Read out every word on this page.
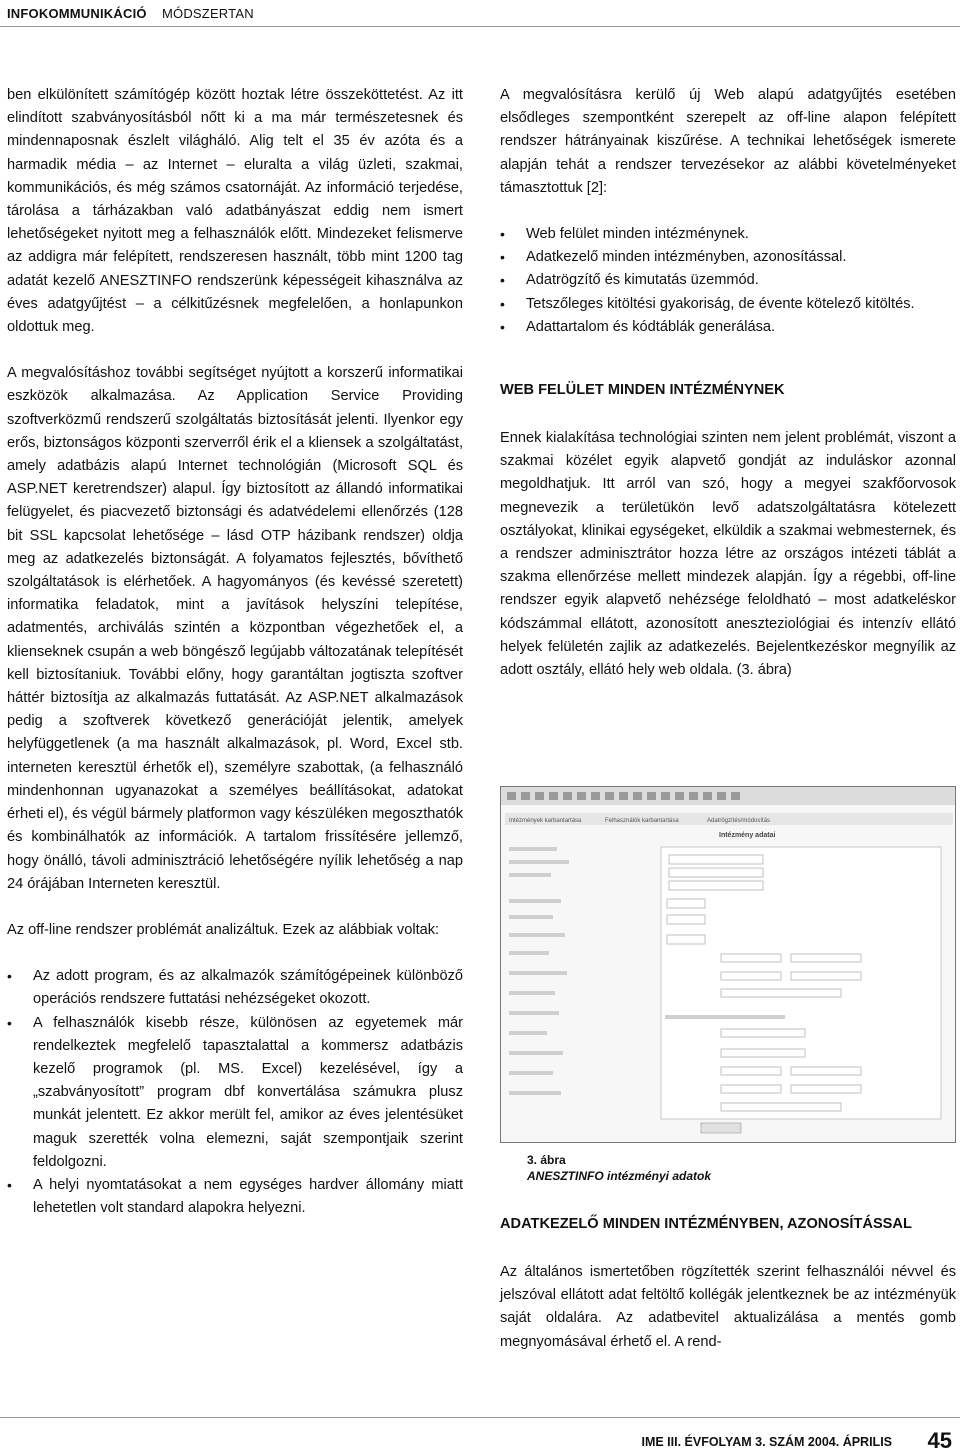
INFOKOMMUNIKÁCIÓ MÓDSZERTAN

ben elkülönített számítógép között hoztak létre összeköttetést. Az itt elindított szabványosításból nőtt ki a ma már természetesnek és mindennaposnak észlelt világháló. Alig telt el 35 év azóta és a harmadik média – az Internet – eluralta a világ üzleti, szakmai, kommunikációs, és még számos csatornáját. Az információ terjedése, tárolása a tárházakban való adatbányászat eddig nem ismert lehetőségeket nyitott meg a felhasználók előtt. Mindezeket felismerve az addigra már felépített, rendszeresen használt, több mint 1200 tag adatát kezelő ANESZTINFO rendszerünk képességeit kihasználva az éves adatgyűjtést – a célkitűzésnek megfelelően, a honlapunkon oldottuk meg.

A megvalósításhoz további segítséget nyújtott a korszerű informatikai eszközök alkalmazása. Az Application Service Providing szoftverközmű rendszerű szolgáltatás biztosítását jelenti. Ilyenkor egy erős, biztonságos központi szerverről érik el a kliensek a szolgáltatást, amely adatbázis alapú Internet technológián (Microsoft SQL és ASP.NET keretrendszer) alapul. Így biztosított az állandó informatikai felügyelet, és piacvezető biztonsági és adatvédelemi ellenőrzés (128 bit SSL kapcsolat lehetősége – lásd OTP házibank rendszer) oldja meg az adatkezelés biztonságát. A folyamatos fejlesztés, bővíthető szolgáltatások is elérhetőek. A hagyományos (és kevéssé szeretett) informatika feladatok, mint a javítások helyszíni telepítése, adatmentés, archiválás szintén a központban végezhetőek el, a klienseknek csupán a web böngésző legújabb változatának telepítését kell biztosítaniuk. További előny, hogy garantáltan jogtiszta szoftver háttér biztosítja az alkalmazás futtatását. Az ASP.NET alkalmazások pedig a szoftverek következő generációját jelentik, amelyek helyfüggetlenek (a ma használt alkalmazások, pl. Word, Excel stb. interneten keresztül érhetők el), személyre szabottak, (a felhasználó mindenhonnan ugyanazokat a személyes beállításokat, adatokat érheti el), és végül bármely platformon vagy készüléken megoszthatók és kombinálhatók az információk. A tartalom frissítésére jellemző, hogy önálló, távoli adminisztráció lehetőségére nyílik lehetőség a nap 24 órájában Interneten keresztül.

Az off-line rendszer problémát analizáltuk. Ezek az alábbiak voltak:

• Az adott program, és az alkalmazók számítógépeinek különböző operációs rendszere futtatási nehézségeket okozott.
• A felhasználók kisebb része, különösen az egyetemek már rendelkeztek megfelelő tapasztalattal a kommersz adatbázis kezelő programok (pl. MS. Excel) kezelésével, így a „szabványosított” program dbf konvertálása számukra plusz munkát jelentett. Ez akkor merült fel, amikor az éves jelentésüket maguk szerették volna elemezni, saját szempontjaik szerint feldolgozni.
• A helyi nyomtatásokat a nem egységes hardver állomány miatt lehetetlen volt standard alapokra helyezni.

A megvalósításra kerülő új Web alapú adatgyűjtés esetében elsődleges szempontként szerepelt az off-line alapon felépített rendszer hátrányainak kiszűrése. A technikai lehetőségek ismerete alapján tehát a rendszer tervezésekor az alábbi követelményeket támasztottuk [2]:

• Web felület minden intézménynek.
• Adatkezelő minden intézményben, azonosítással.
• Adatrögzítő és kimutatás üzemmód.
• Tetszőleges kitöltési gyakoriság, de évente kötelező kitöltés.
• Adattartalom és kódtáblák generálása.
WEB FELÜLET MINDEN INTÉZMÉNYNEK

Ennek kialakítása technológiai szinten nem jelent problémát, viszont a szakmai közélet egyik alapvető gondját az induláskor azonnal megoldhatjuk. Itt arról van szó, hogy a megyei szakfőorvosok megnevezik a területükön levő adatszolgáltatásra kötelezett osztályokat, klinikai egységeket, elküldik a szakmai webmesternek, és a rendszer adminisztrátor hozza létre az országos intézeti táblát a szakma ellenőrzése mellett mindezek alapján. Így a régebbi, off-line rendszer egyik alapvető nehézsége feloldható – most adatkeléskor kódszámmal ellátott, azonosított aneszteziológiai és intenzív ellátó helyek felületén zajlik az adatkezelés. Bejelentkezéskor megnyílik az adott osztály, ellátó hely web oldala. (3. ábra)

Intézmények karbantartása	Felhasználók karbantartása	Adatrögzítés/módosítás
Intézmény adatai
3. ábra
ANESZTINFO intézményi adatok
ADATKEZELŐ MINDEN INTÉZMÉNYBEN, AZONOSÍTÁSSAL

Az általános ismertetőben rögzítették szerint felhasználói névvel és jelszóval ellátott adat feltöltő kollégák jelentkeznek be az intézményük saját oldalára. Az adatbevitel aktualizálása a mentés gomb megnyomásával érhető el. A rend-

IME III. ÉVFOLYAM 3. SZÁM 2004. ÁPRILIS 45
